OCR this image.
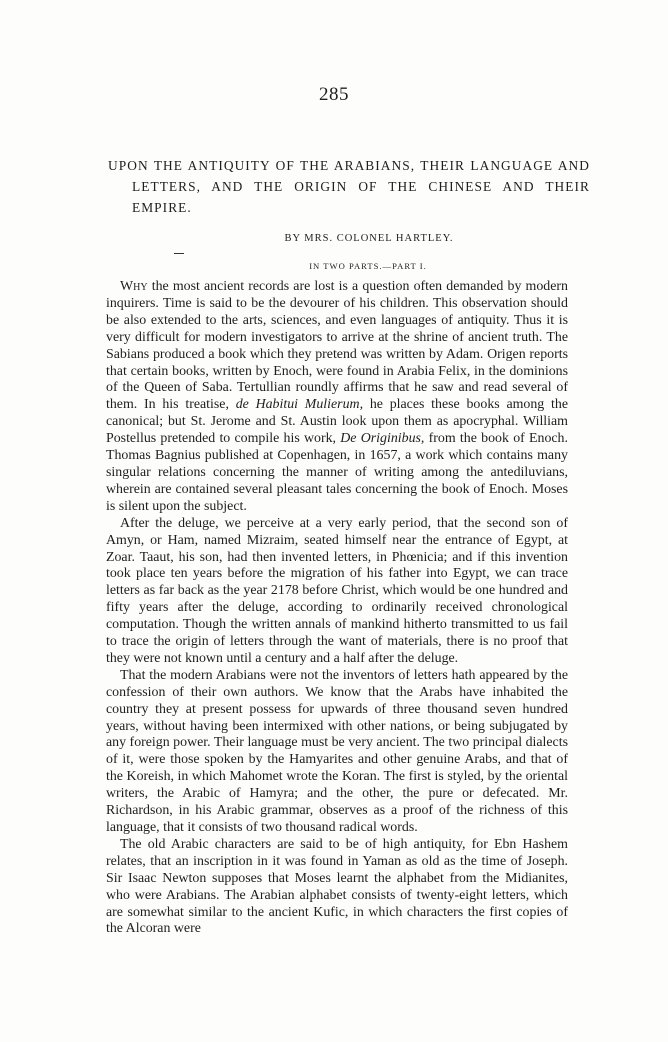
285
UPON THE ANTIQUITY OF THE ARABIANS, THEIR LANGUAGE AND LETTERS, AND THE ORIGIN OF THE CHINESE AND THEIR EMPIRE.
BY MRS. COLONEL HARTLEY.
IN TWO PARTS.—PART I.

Why the most ancient records are lost is a question often demanded by modern inquirers. Time is said to be the devourer of his children. This observation should be also extended to the arts, sciences, and even languages of antiquity. Thus it is very difficult for modern investigators to arrive at the shrine of ancient truth. The Sabians produced a book which they pretend was written by Adam. Origen reports that certain books, written by Enoch, were found in Arabia Felix, in the dominions of the Queen of Saba. Tertullian roundly affirms that he saw and read several of them. In his treatise, de Habitui Mulierum, he places these books among the canonical; but St. Jerome and St. Austin look upon them as apocryphal. William Postellus pretended to compile his work, De Originibus, from the book of Enoch. Thomas Bagnius published at Copenhagen, in 1657, a work which contains many singular relations concerning the manner of writing among the antediluvians, wherein are contained several pleasant tales concerning the book of Enoch. Moses is silent upon the subject.

After the deluge, we perceive at a very early period, that the second son of Amyn, or Ham, named Mizraim, seated himself near the entrance of Egypt, at Zoar. Taaut, his son, had then invented letters, in Phœnicia; and if this invention took place ten years before the migration of his father into Egypt, we can trace letters as far back as the year 2178 before Christ, which would be one hundred and fifty years after the deluge, according to ordinarily received chronological computation. Though the written annals of mankind hitherto transmitted to us fail to trace the origin of letters through the want of materials, there is no proof that they were not known until a century and a half after the deluge.

That the modern Arabians were not the inventors of letters hath appeared by the confession of their own authors. We know that the Arabs have inhabited the country they at present possess for upwards of three thousand seven hundred years, without having been intermixed with other nations, or being subjugated by any foreign power. Their language must be very ancient. The two principal dialects of it, were those spoken by the Hamyarites and other genuine Arabs, and that of the Koreish, in which Mahomet wrote the Koran. The first is styled, by the oriental writers, the Arabic of Hamyra; and the other, the pure or defecated. Mr. Richardson, in his Arabic grammar, observes as a proof of the richness of this language, that it consists of two thousand radical words.

The old Arabic characters are said to be of high antiquity, for Ebn Hashem relates, that an inscription in it was found in Yaman as old as the time of Joseph. Sir Isaac Newton supposes that Moses learnt the alphabet from the Midianites, who were Arabians. The Arabian alphabet consists of twenty-eight letters, which are somewhat similar to the ancient Kufic, in which characters the first copies of the Alcoran were
